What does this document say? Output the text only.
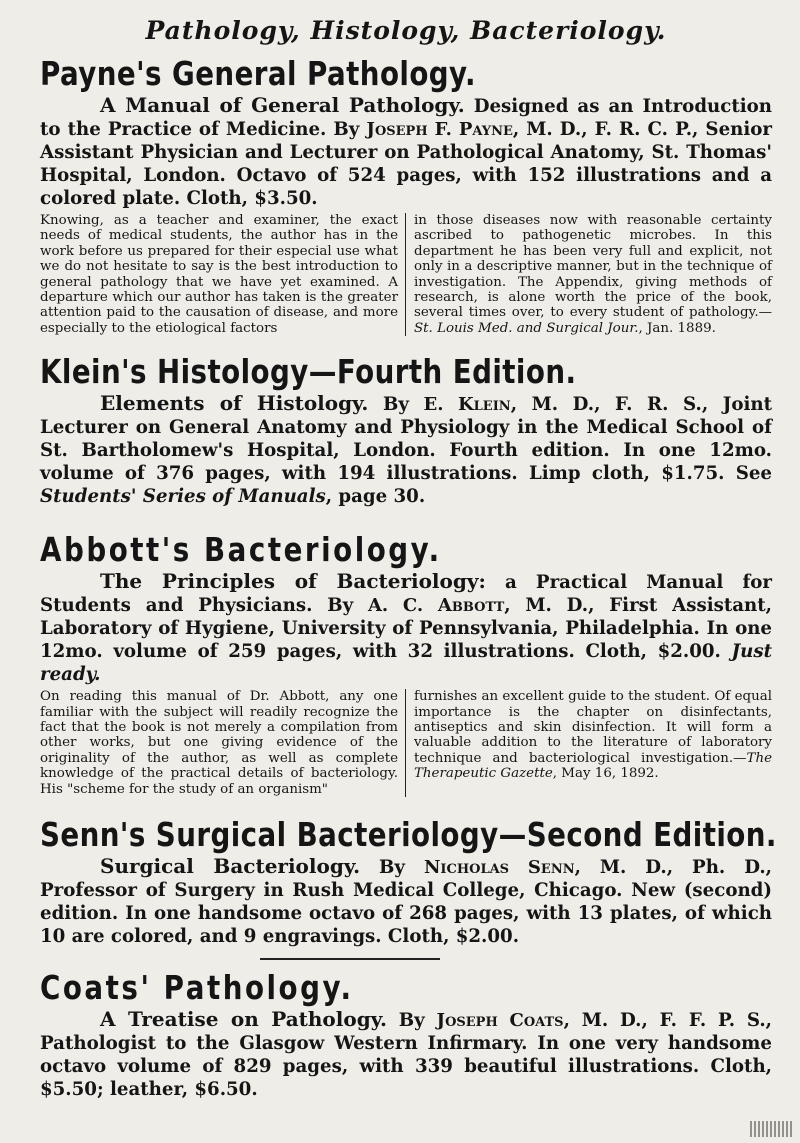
Pathology, Histology, Bacteriology.
Payne's General Pathology.

A Manual of General Pathology. Designed as an Introduction to the Practice of Medicine. By Joseph F. Payne, M. D., F. R. C. P., Senior Assistant Physician and Lecturer on Pathological Anatomy, St. Thomas' Hospital, London. Octavo of 524 pages, with 152 illustrations and a colored plate. Cloth, $3.50.

Knowing, as a teacher and examiner, the exact needs of medical students, the author has in the work before us prepared for their especial use what we do not hesitate to say is the best introduction to general pathology that we have yet examined. A departure which our author has taken is the greater attention paid to the causation of disease, and more especially to the etiological factors
in those diseases now with reasonable certainty ascribed to pathogenetic microbes. In this department he has been very full and explicit, not only in a descriptive manner, but in the technique of investigation. The Appendix, giving methods of research, is alone worth the price of the book, several times over, to every student of pathology.—St. Louis Med. and Surgical Jour., Jan. 1889.
Klein's Histology—Fourth Edition.

Elements of Histology. By E. Klein, M. D., F. R. S., Joint Lecturer on General Anatomy and Physiology in the Medical School of St. Bartholomew's Hospital, London. Fourth edition. In one 12mo. volume of 376 pages, with 194 illustrations. Limp cloth, $1.75. See Students' Series of Manuals, page 30.

Abbott's Bacteriology.

The Principles of Bacteriology: a Practical Manual for Students and Physicians. By A. C. Abbott, M. D., First Assistant, Laboratory of Hygiene, University of Pennsylvania, Philadelphia. In one 12mo. volume of 259 pages, with 32 illustrations. Cloth, $2.00. Just ready.

On reading this manual of Dr. Abbott, any one familiar with the subject will readily recognize the fact that the book is not merely a compilation from other works, but one giving evidence of the originality of the author, as well as complete knowledge of the practical details of bacteriology. His "scheme for the study of an organism"
furnishes an excellent guide to the student. Of equal importance is the chapter on disinfectants, antiseptics and skin disinfection. It will form a valuable addition to the literature of laboratory technique and bacteriological investigation.—The Therapeutic Gazette, May 16, 1892.
Senn's Surgical Bacteriology—Second Edition.

Surgical Bacteriology. By Nicholas Senn, M. D., Ph. D., Professor of Surgery in Rush Medical College, Chicago. New (second) edition. In one handsome octavo of 268 pages, with 13 plates, of which 10 are colored, and 9 engravings. Cloth, $2.00.

Coats' Pathology.

A Treatise on Pathology. By Joseph Coats, M. D., F. F. P. S., Pathologist to the Glasgow Western Infirmary. In one very handsome octavo volume of 829 pages, with 339 beautiful illustrations. Cloth, $5.50; leather, $6.50.
